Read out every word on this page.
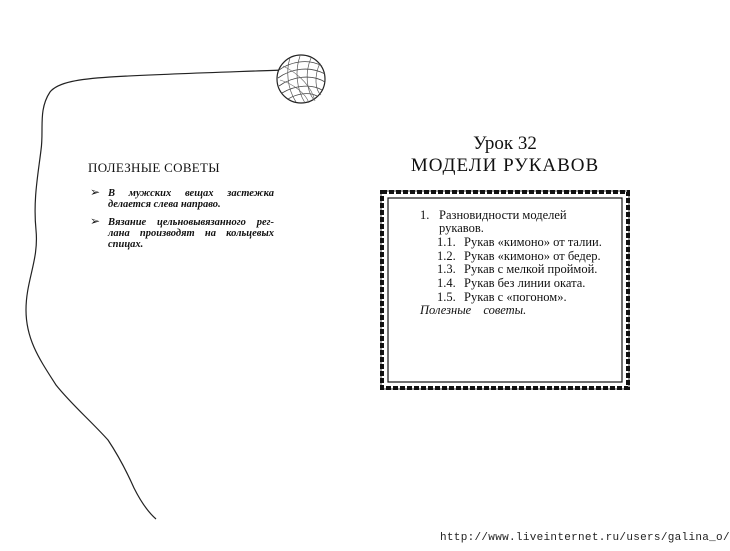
ПОЛЕЗНЫЕ СОВЕТЫ
➢ В мужских вещах застежка делается слева направо.
➢ Вязание цельновывязанного рег-лана производят на кольцевых спицах.
Урок 32
МОДЕЛИ РУКАВОВ
1. Разновидности моделей рукавов.
1.1. Рукав «кимоно» от талии.
1.2. Рукав «кимоно» от бедер.
1.3. Рукав с мелкой проймой.
1.4. Рукав без линии оката.
1.5. Рукав с «погоном».
Полезные советы.
http://www.liveinternet.ru/users/galina_o/
